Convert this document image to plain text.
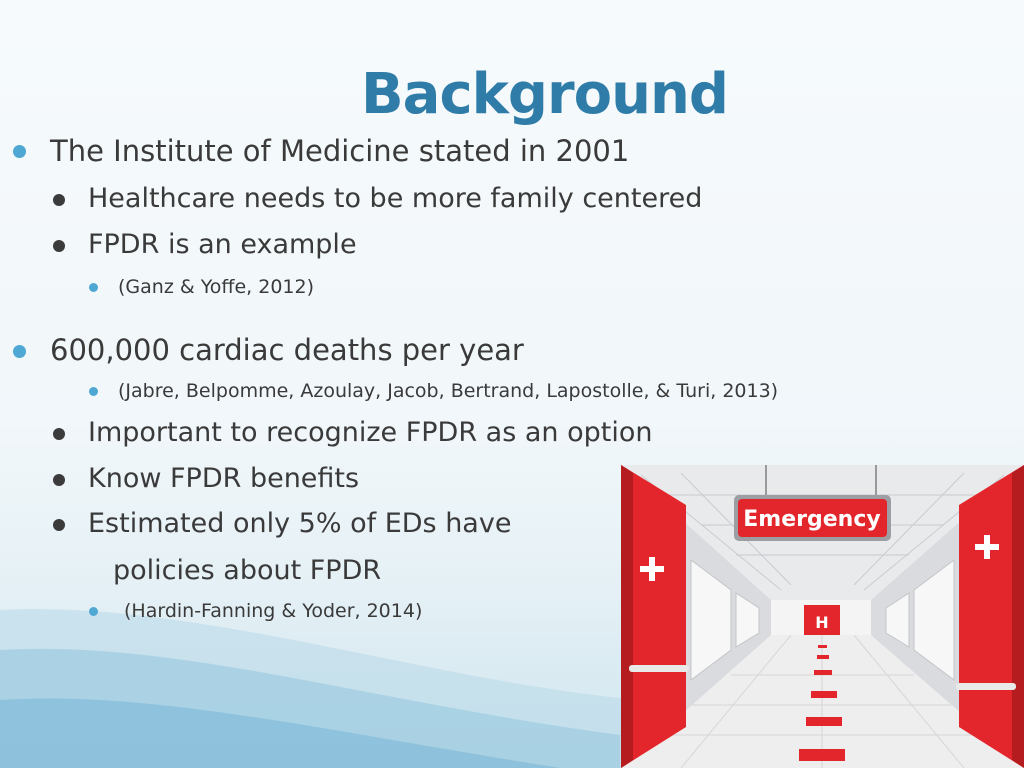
Background
The Institute of Medicine stated in 2001
Healthcare needs to be more family centered
FPDR is an example
(Ganz & Yoffe, 2012)
600,000 cardiac deaths per year
(Jabre, Belpomme, Azoulay, Jacob, Bertrand, Lapostolle, & Turi, 2013)
Important to recognize FPDR as an option
Know FPDR benefits
Estimated only 5% of EDs have
policies about FPDR
(Hardin-Fanning & Yoder, 2014)
H
Emergency
